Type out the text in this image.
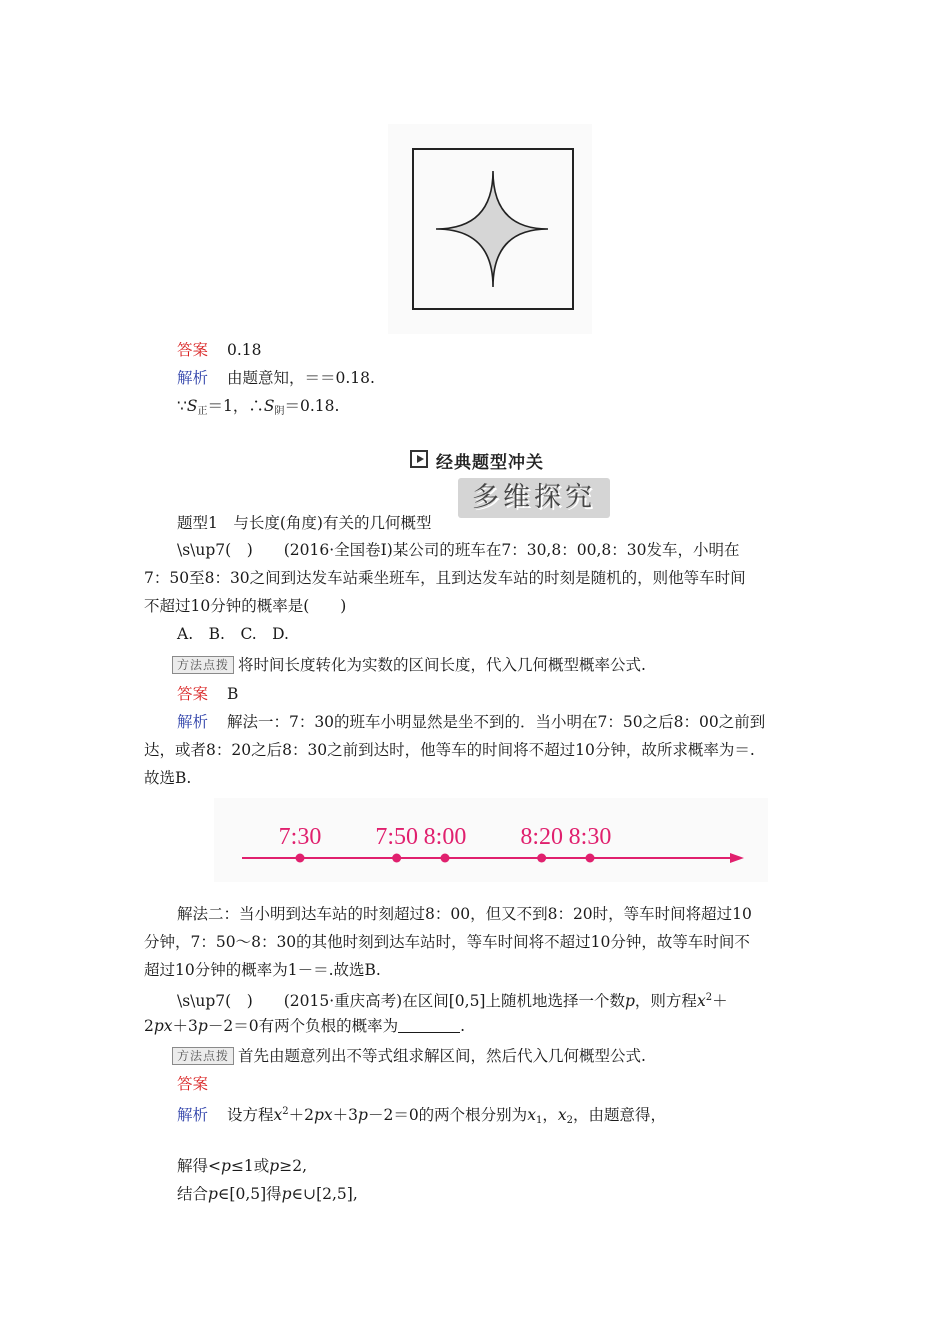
答案 0.18
解析 由题意知，＝＝0.18.
$\because S_正=1$，$\therefore S_阴=0.18$.
经典题型冲关
多维探究
题型1　与长度(角度)有关的几何概型
\s\up7(　)　　(2016·全国卷Ⅰ)某公司的班车在7：30,8：00,8：30发车，小明在
7：50至8：30之间到达发车站乘坐班车，且到达发车站的时刻是随机的，则他等车时间
不超过10分钟的概率是(　　)
A.　B.　C.　D.
方法点拨 将时间长度转化为实数的区间长度，代入几何概型概率公式.
答案 B
解析 解法一：7：30的班车小明显然是坐不到的．当小明在7：50之后8：00之前到
达，或者8：20之后8：30之前到达时，他等车的时间将不超过10分钟，故所求概率为＝.
故选B.
7:30 7:50 8:00 8:20 8:30
解法二：当小明到达车站的时刻超过8：00，但又不到8：20时，等车时间将超过10
分钟，7：50～8：30的其他时刻到达车站时，等车时间将不超过10分钟，故等车时间不
超过10分钟的概率为1－＝.故选B.
\s\up7(　)　　(2015·重庆高考)在区间[0,5]上随机地选择一个数p，则方程$x^2+$
2px＋3p－2＝0有两个负根的概率为	.
方法点拨 首先由题意列出不等式组求解区间，然后代入几何概型公式.
答案
解析 设方程$x^2+2px+3p-2=0$的两个根分别为$x_1$，$x_2$，由题意得，
解得<p≤1或p≥2,
结合p∈[0,5]得p∈∪[2,5],
